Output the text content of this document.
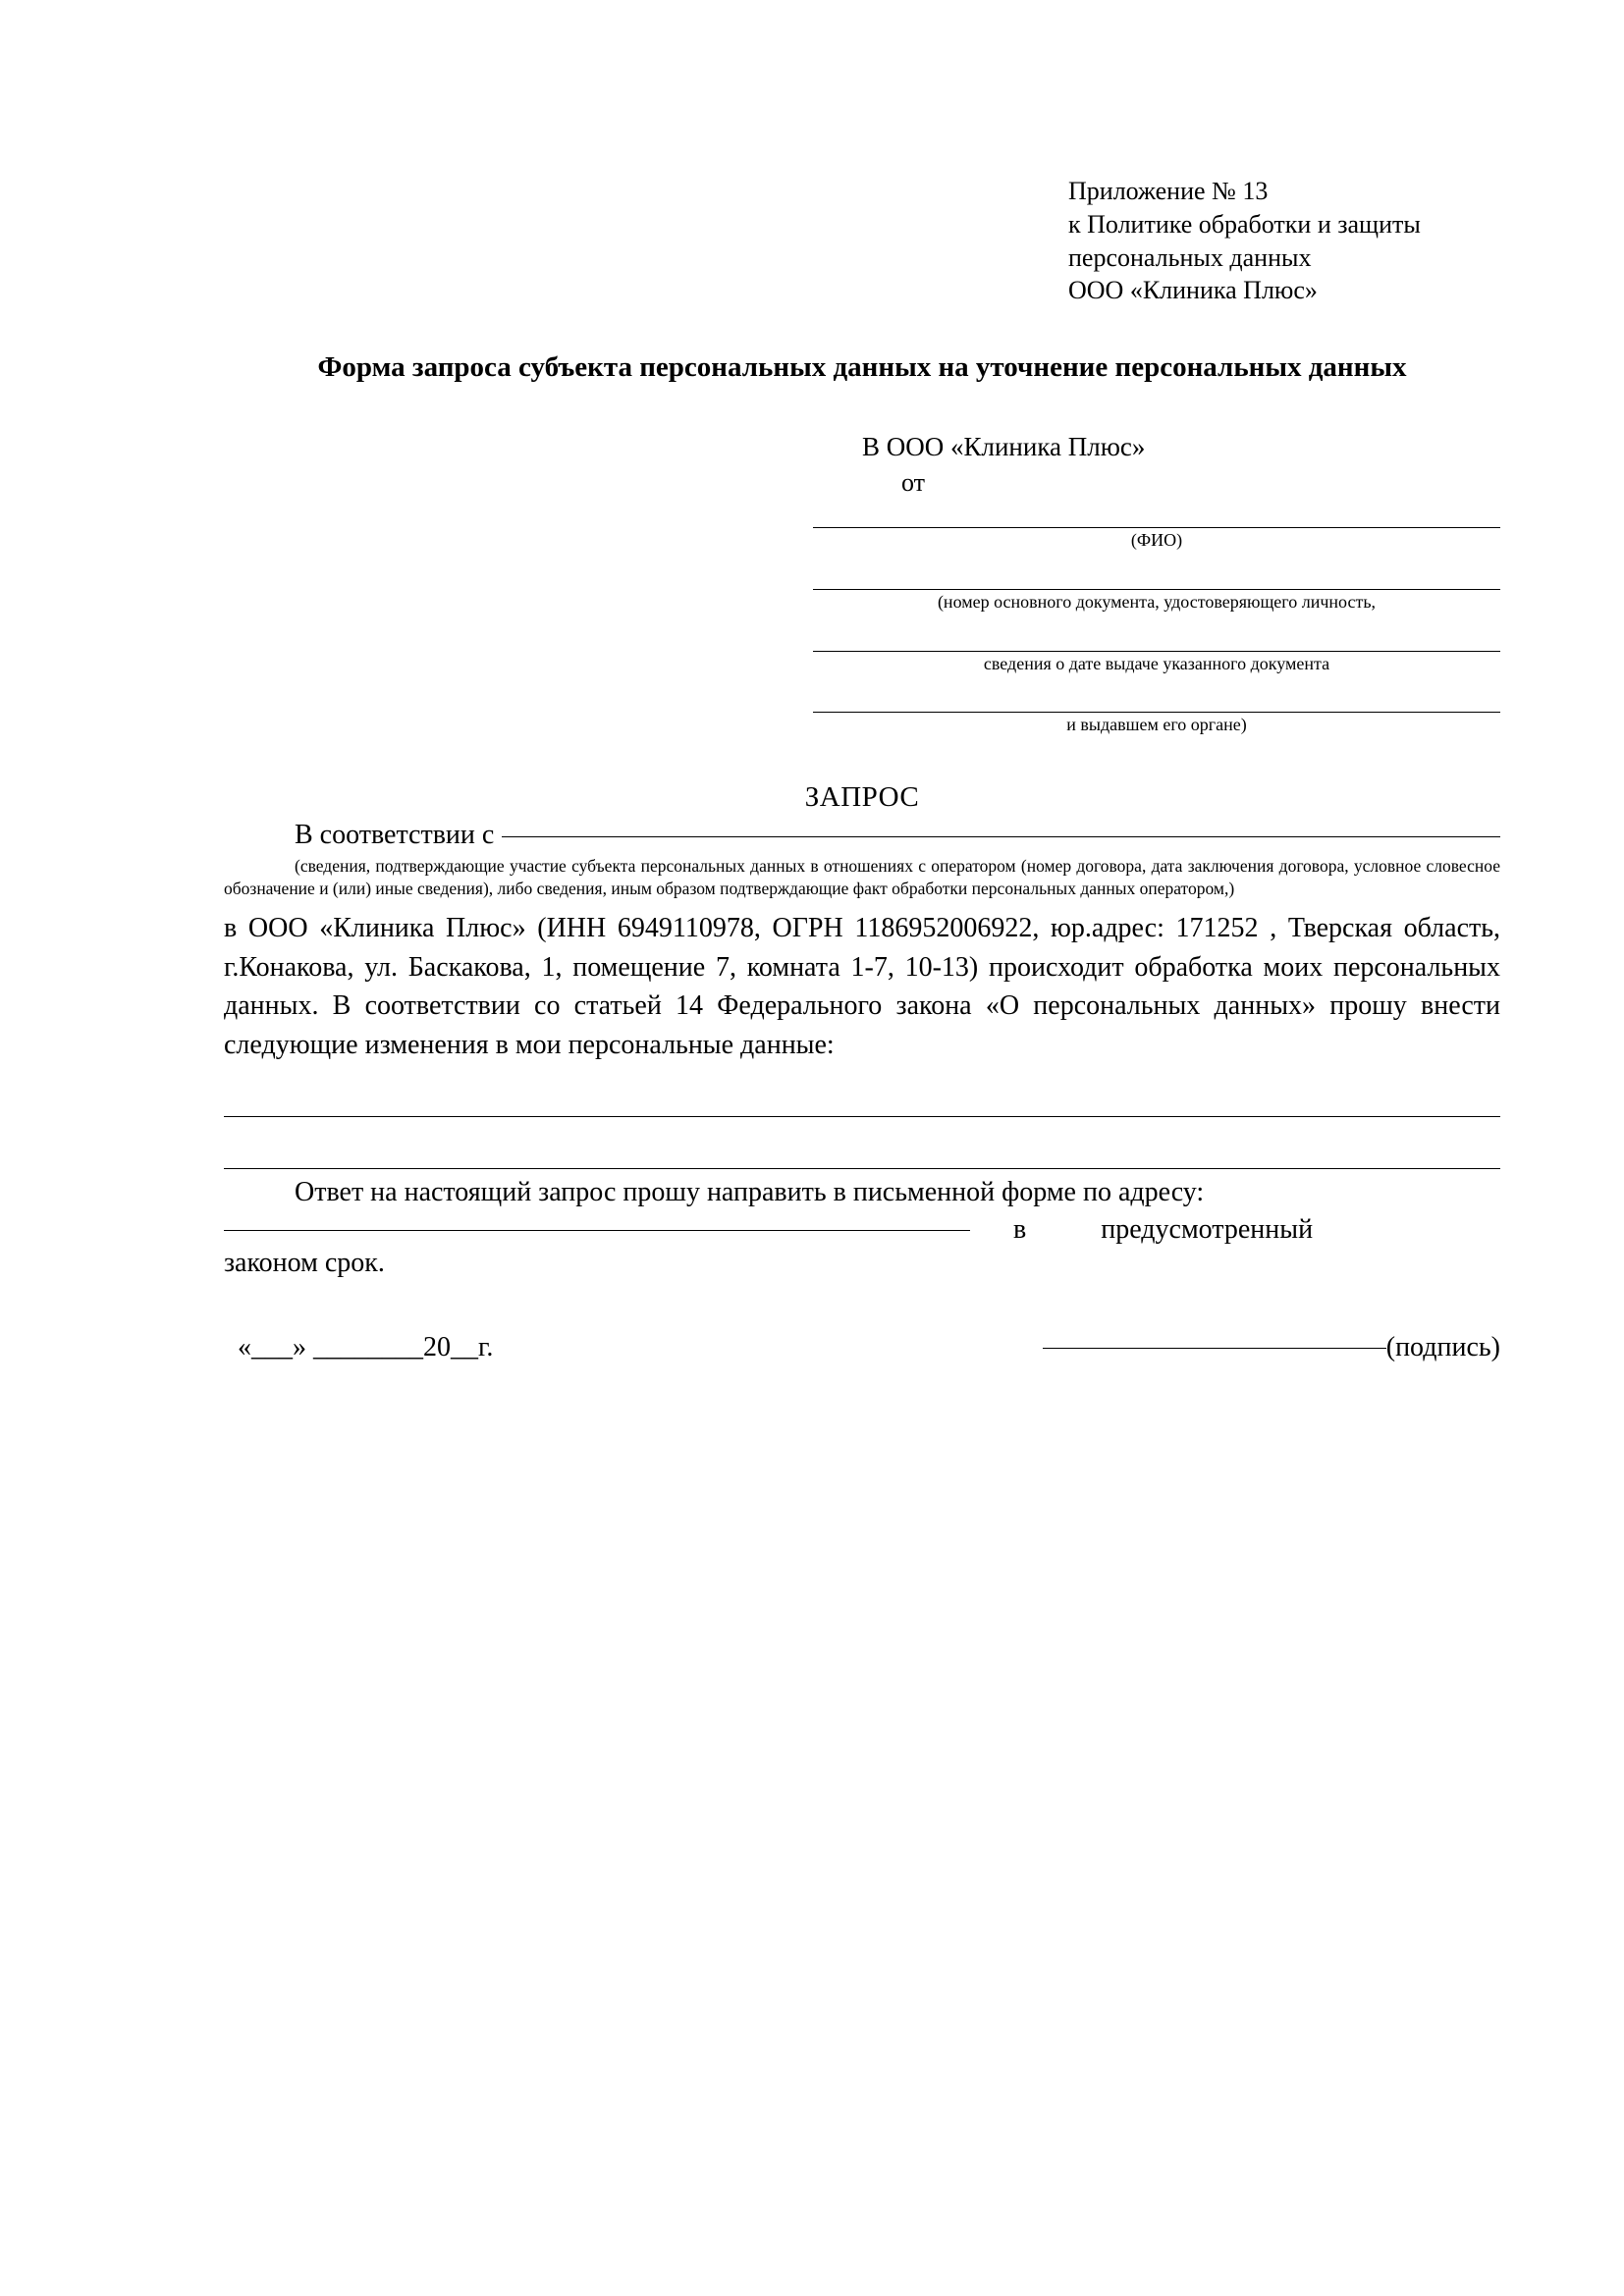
Приложение № 13
к Политике обработки и защиты
персональных данных
ООО «Клиника Плюс»
Форма запроса субъекта персональных данных на уточнение персональных данных
В ООО «Клиника Плюс»
от
(ФИО)
(номер основного документа, удостоверяющего личность,
сведения о дате выдаче указанного документа
и выдавшем его органе)
ЗАПРОС
В соответствии с
(сведения, подтверждающие участие субъекта персональных данных в отношениях с оператором (номер договора, дата заключения договора, условное словесное обозначение и (или) иные сведения), либо сведения, иным образом подтверждающие факт обработки персональных данных оператором,)
в ООО «Клиника Плюс» (ИНН 6949110978, ОГРН 1186952006922, юр.адрес: 171252 , Тверская область, г.Конакова, ул. Баскакова, 1, помещение 7, комната 1-7, 10-13) происходит обработка моих персональных данных. В соответствии со статьей 14 Федерального закона «О персональных данных» прошу внести следующие изменения в мои персональные данные:
Ответ на настоящий запрос прошу направить в письменной форме по адресу:
в	предусмотренный
законом срок.
«___» ________20__г.	(подпись)
